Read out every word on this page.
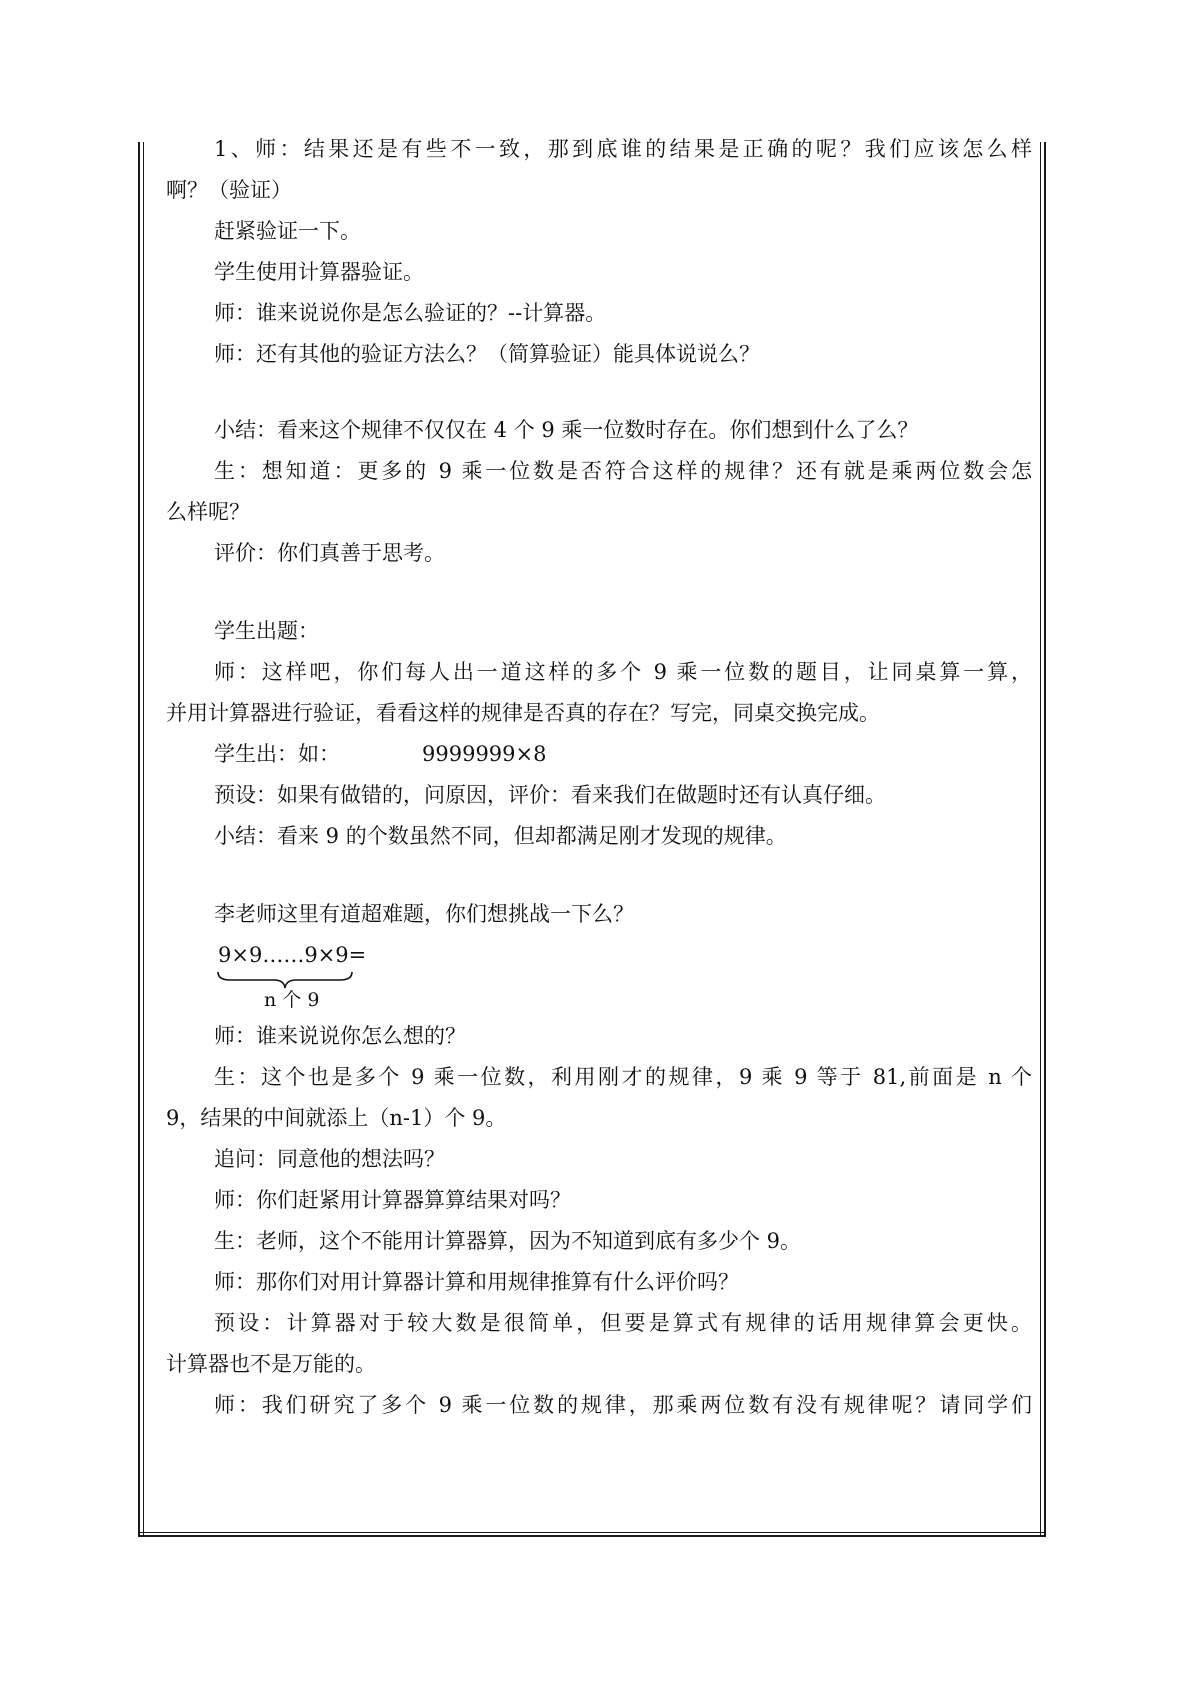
1、师：结果还是有些不一致，那到底谁的结果是正确的呢？我们应该怎么样
啊？（验证）
赶紧验证一下。
学生使用计算器验证。
师：谁来说说你是怎么验证的？--计算器。
师：还有其他的验证方法么？（简算验证）能具体说说么？
小结：看来这个规律不仅仅在 4 个 9 乘一位数时存在。你们想到什么了么？
生：想知道：更多的 9 乘一位数是否符合这样的规律？还有就是乘两位数会怎
么样呢？
评价：你们真善于思考。
学生出题：
师：这样吧，你们每人出一道这样的多个 9 乘一位数的题目，让同桌算一算，
并用计算器进行验证，看看这样的规律是否真的存在？写完，同桌交换完成。
学生出：如：	9999999×8
预设：如果有做错的，问原因，评价：看来我们在做题时还有认真仔细。
小结：看来 9 的个数虽然不同，但却都满足刚才发现的规律。
李老师这里有道超难题，你们想挑战一下么？
9×9……9×9=
n 个 9
师：谁来说说你怎么想的？
生：这个也是多个 9 乘一位数，利用刚才的规律，9 乘 9 等于 81,前面是 n 个
9，结果的中间就添上（n-1）个 9。
追问：同意他的想法吗？
师：你们赶紧用计算器算算结果对吗？
生：老师，这个不能用计算器算，因为不知道到底有多少个 9。
师：那你们对用计算器计算和用规律推算有什么评价吗？
预设：计算器对于较大数是很简单，但要是算式有规律的话用规律算会更快。
计算器也不是万能的。
师：我们研究了多个 9 乘一位数的规律，那乘两位数有没有规律呢？请同学们
